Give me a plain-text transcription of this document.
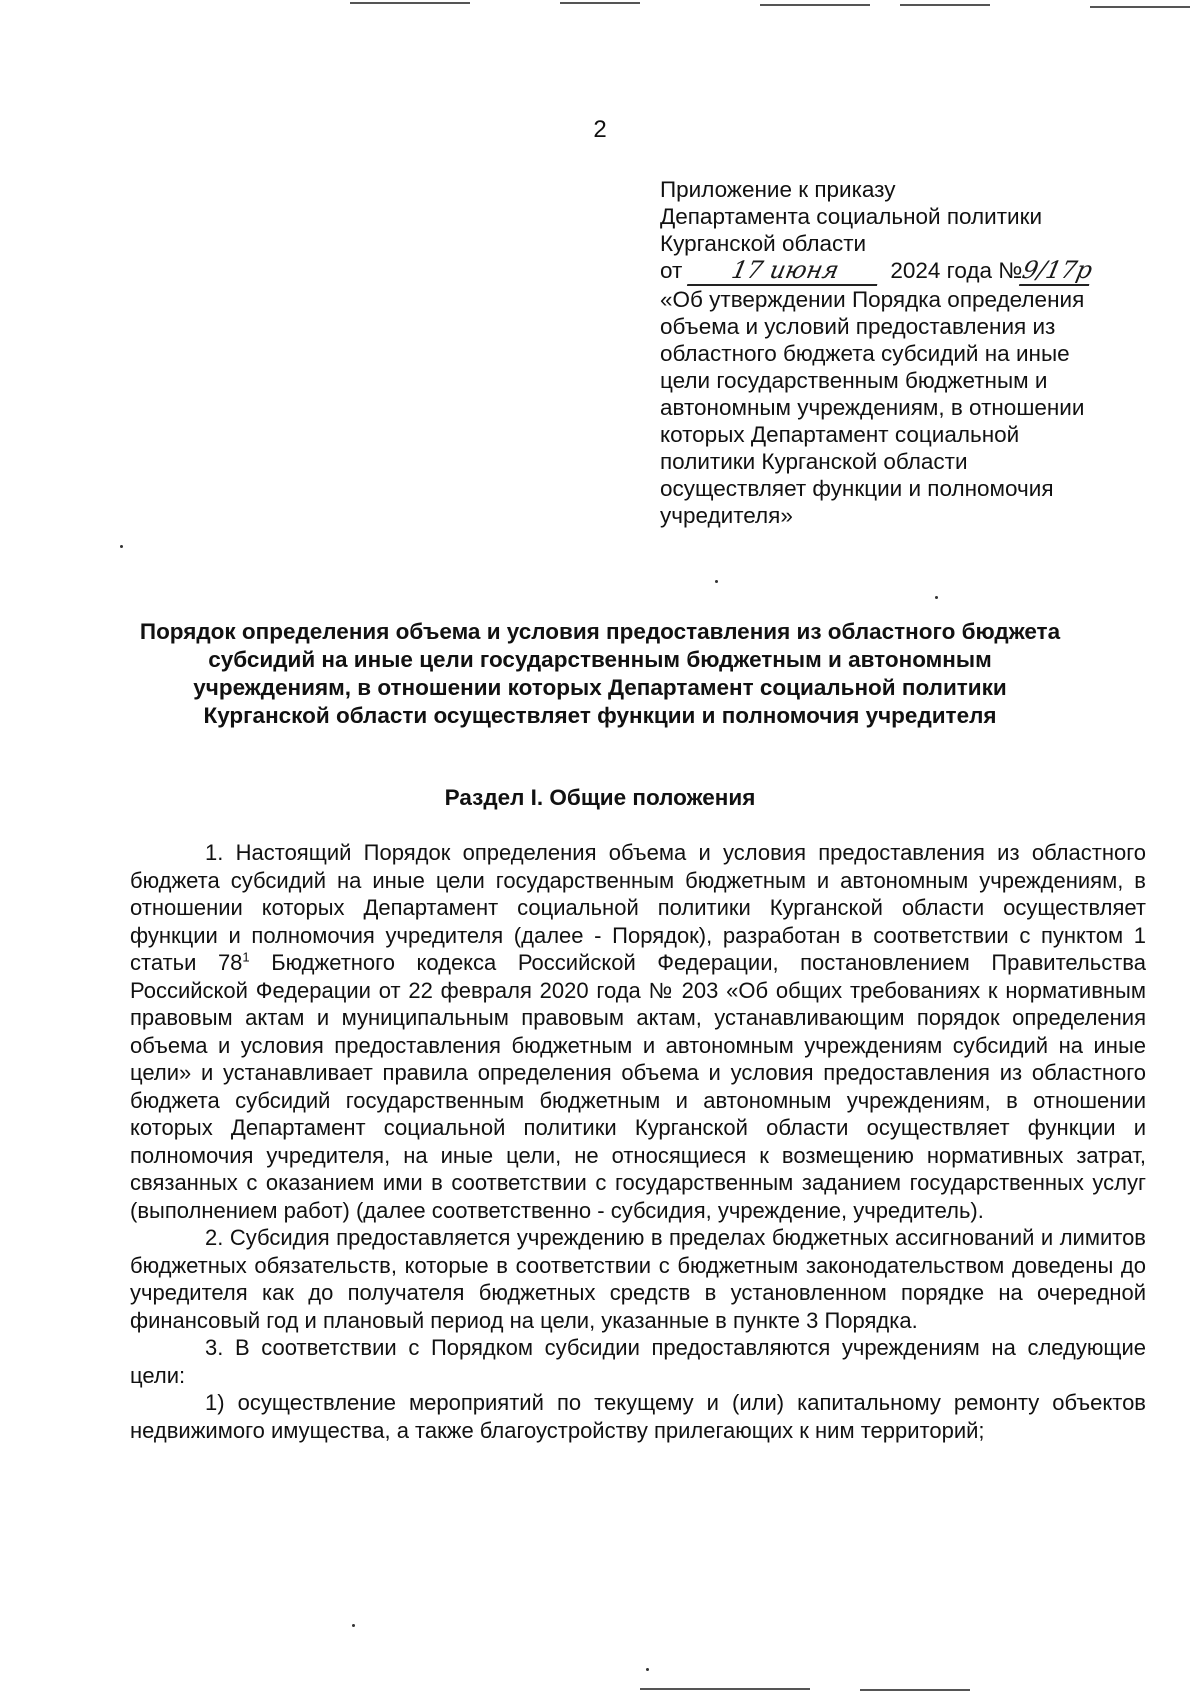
2
Приложение к приказу
Департамента социальной политики
Курганской области
от 17 июня 2024 года №9/17р
«Об утверждении Порядка определения
объема и условий предоставления из
областного бюджета субсидий на иные
цели государственным бюджетным и
автономным учреждениям, в отношении
которых Департамент социальной
политики Курганской области
осуществляет функции и полномочия
учредителя»
Порядок определения объема и условия предоставления из областного бюджета
субсидий на иные цели государственным бюджетным и автономным
учреждениям, в отношении которых Департамент социальной политики
Курганской области осуществляет функции и полномочия учредителя
Раздел I. Общие положения

1. Настоящий Порядок определения объема и условия предоставления из областного бюджета субсидий на иные цели государственным бюджетным и автономным учреждениям, в отношении которых Департамент социальной политики Курганской области осуществляет функции и полномочия учредителя (далее - Порядок), разработан в соответствии с пунктом 1 статьи $78^1$ Бюджетного кодекса Российской Федерации, постановлением Правительства Российской Федерации от 22 февраля 2020 года № 203 «Об общих требованиях к нормативным правовым актам и муниципальным правовым актам, устанавливающим порядок определения объема и условия предоставления бюджетным и автономным учреждениям субсидий на иные цели» и устанавливает правила определения объема и условия предоставления из областного бюджета субсидий государственным бюджетным и автономным учреждениям, в отношении которых Департамент социальной политики Курганской области осуществляет функции и полномочия учредителя, на иные цели, не относящиеся к возмещению нормативных затрат, связанных с оказанием ими в соответствии с государственным заданием государственных услуг (выполнением работ) (далее соответственно - субсидия, учреждение, учредитель).

2. Субсидия предоставляется учреждению в пределах бюджетных ассигнований и лимитов бюджетных обязательств, которые в соответствии с бюджетным законодательством доведены до учредителя как до получателя бюджетных средств в установленном порядке на очередной финансовый год и плановый период на цели, указанные в пункте 3 Порядка.

3. В соответствии с Порядком субсидии предоставляются учреждениям на следующие цели:

1) осуществление мероприятий по текущему и (или) капитальному ремонту объектов недвижимого имущества, а также благоустройству прилегающих к ним территорий;
